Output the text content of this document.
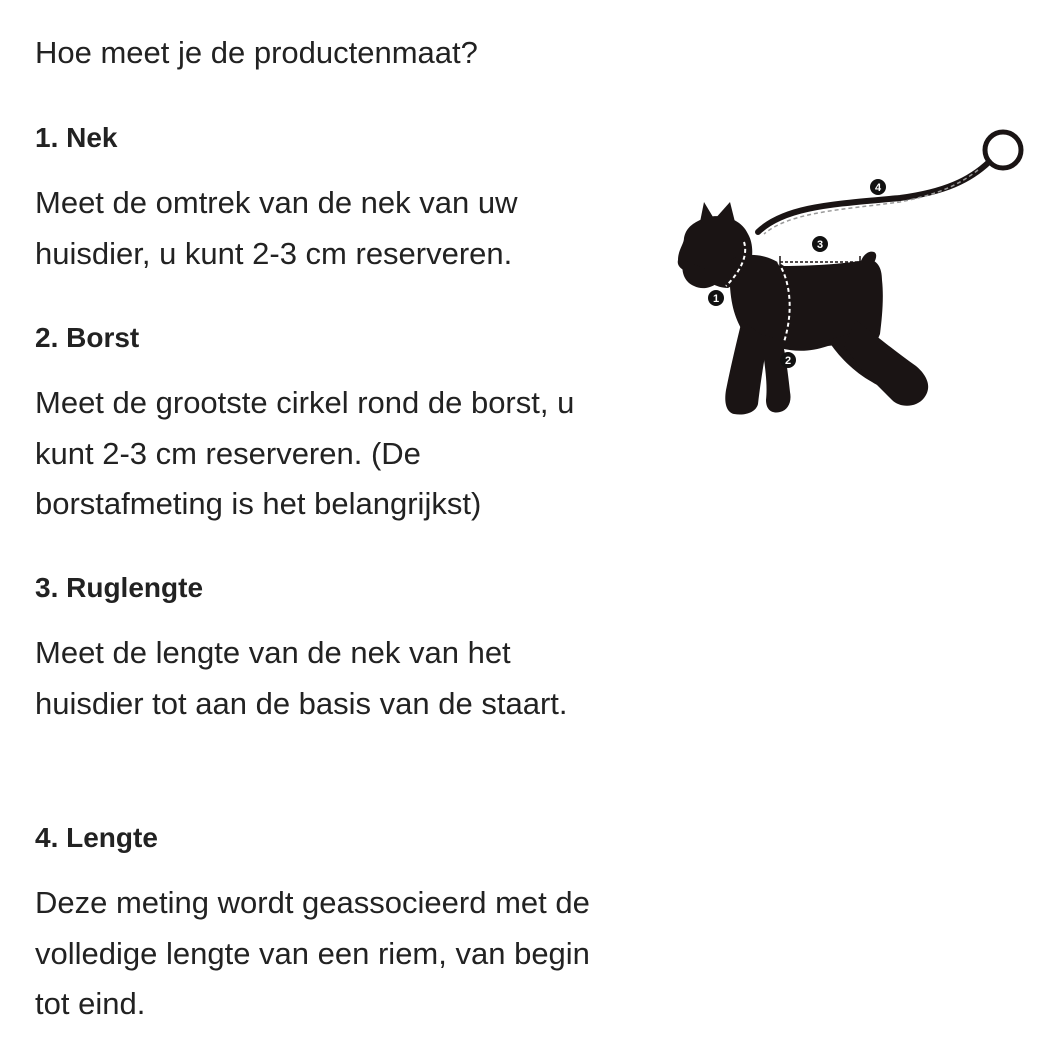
Hoe meet je de productenmaat?
1. Nek

Meet de omtrek van de nek van uw huisdier, u kunt 2-3 cm reserveren.

2. Borst

Meet de grootste cirkel rond de borst, u kunt 2-3 cm reserveren. (De borstafmeting is het belangrijkst)

3. Ruglengte

Meet de lengte van de nek van het huisdier tot aan de basis van de staart.

4. Lengte

Deze meting wordt geassocieerd met de volledige lengte van een riem, van begin tot eind.

1
2
3
4
